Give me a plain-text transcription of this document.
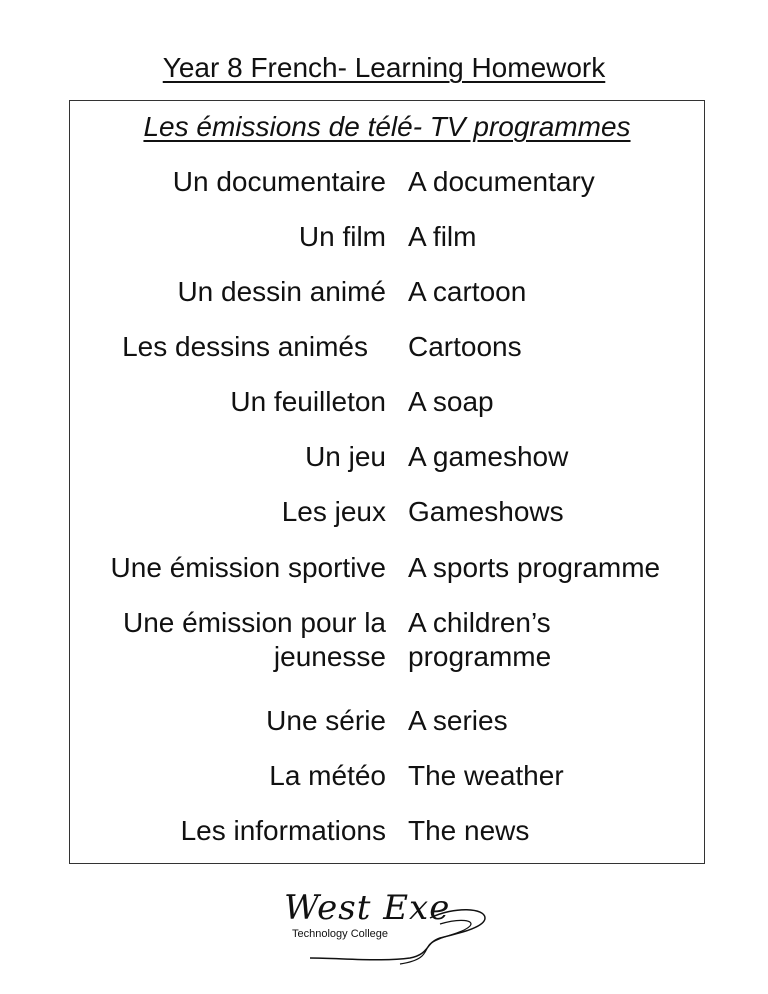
Year 8 French- Learning Homework
Les émissions de télé- TV programmes
Un documentaire A documentary
Un film A film
Un dessin animé A cartoon
Les dessins animés Cartoons
Un feuilleton A soap
Un jeu A gameshow
Les jeux Gameshows
Une émission sportive A sports programme
Une émission pour la A children’s
jeunesse programme
Une série A series
La météo The weather
Les informations The news
West Exe
Technology College
